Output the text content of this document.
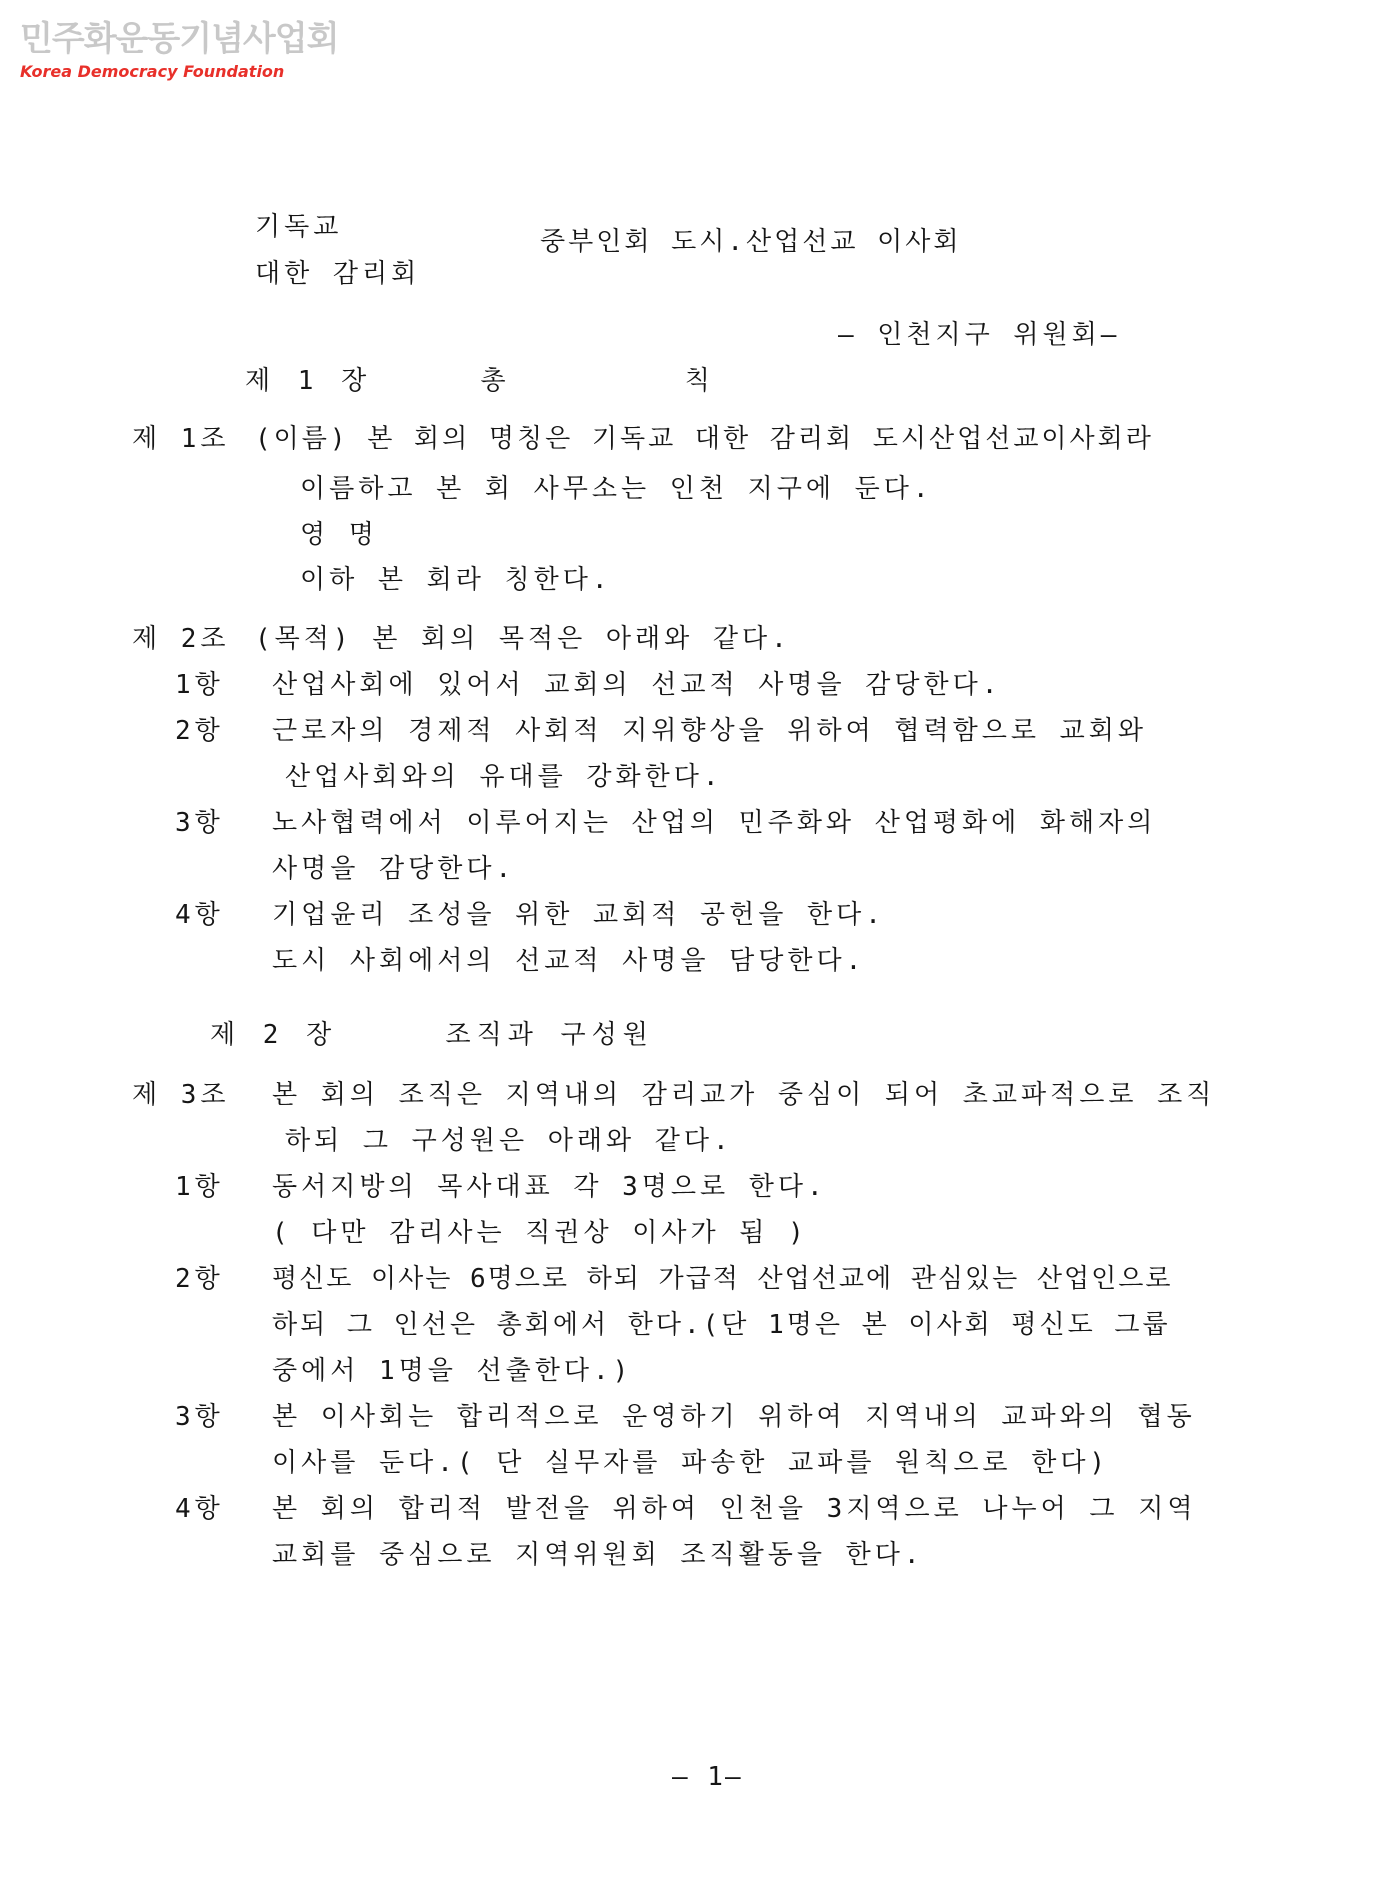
민주화운동기념사업회
Korea Democracy Foundation
기독교
대한 감리회
중부인회 도시.산업선교 이사회
— 인천지구 위원회—
제 1 장     총        칙
제 1조 (이름) 본 회의 명칭은 기독교 대한 감리회 도시산업선교이사회라
이름하고 본 회 사무소는 인천 지구에 둔다.
영 명
이하 본 회라 칭한다.
제 2조 (목적) 본 회의 목적은 아래와 같다.
1항 산업사회에 있어서 교회의 선교적 사명을 감당한다.
2항 근로자의 경제적 사회적 지위향상을 위하여 협력함으로 교회와
산업사회와의 유대를 강화한다.
3항 노사협력에서 이루어지는 산업의 민주화와 산업평화에 화해자의
사명을 감당한다.
4항 기업윤리 조성을 위한 교회적 공헌을 한다.
도시 사회에서의 선교적 사명을 담당한다.
제 2 장     조직과 구성원
제 3조 본 회의 조직은 지역내의 감리교가 중심이 되어 초교파적으로 조직
하되 그 구성원은 아래와 같다.
1항 동서지방의 목사대표 각 3명으로 한다.
( 다만 감리사는 직권상 이사가 됨 )
2항 평신도 이사는 6명으로 하되 가급적 산업선교에 관심있는 산업인으로
하되 그 인선은 총회에서 한다.(단 1명은 본 이사회 평신도 그룹
중에서 1명을 선출한다.)
3항 본 이사회는 합리적으로 운영하기 위하여 지역내의 교파와의 협동
이사를 둔다.( 단 실무자를 파송한 교파를 원칙으로 한다)
4항 본 회의 합리적 발전을 위하여 인천을 3지역으로 나누어 그 지역
교회를 중심으로 지역위원회 조직활동을 한다.
— 1—
